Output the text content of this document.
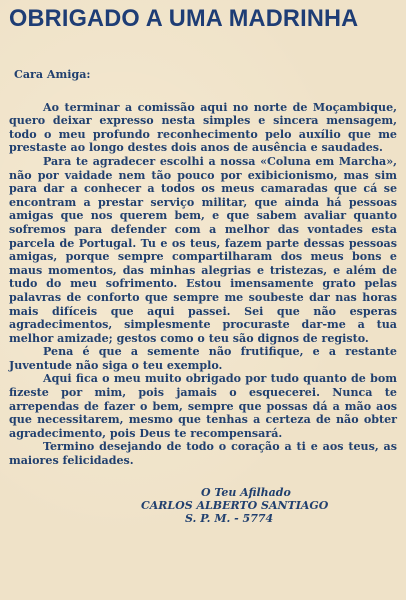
OBRIGADO A UMA MADRINHA
Cara Amiga:

Ao terminar a comissão aqui no norte de Moçambique, quero deixar expresso nesta simples e sincera mensagem, todo o meu profundo reconhecimento pelo auxílio que me prestaste ao longo destes dois anos de ausência e saudades.

Para te agradecer escolhi a nossa «Coluna em Marcha», não por vaidade nem tão pouco por exibicionismo, mas sim para dar a conhecer a todos os meus camaradas que cá se encontram a prestar serviço militar, que ainda há pessoas amigas que nos querem bem, e que sabem avaliar quanto sofremos para defender com a melhor das vontades esta parcela de Portugal. Tu e os teus, fazem parte dessas pessoas amigas, porque sempre compartilharam dos meus bons e maus momentos, das minhas alegrias e tristezas, e além de tudo do meu sofrimento. Estou imensamente grato pelas palavras de conforto que sempre me soubeste dar nas horas mais difíceis que aqui passei. Sei que não esperas agradecimentos, simplesmente procuraste dar-me a tua melhor amizade; gestos como o teu são dignos de registo.

Pena é que a semente não frutifique, e a restante Juventude não siga o teu exemplo.

Aqui fica o meu muito obrigado por tudo quanto de bom fizeste por mim, pois jamais o esquecerei. Nunca te arrependas de fazer o bem, sempre que possas dá a mão aos que necessitarem, mesmo que tenhas a certeza de não obter agradecimento, pois Deus te recompensará.

Termino desejando de todo o coração a ti e aos teus, as maiores felicidades.

O Teu Afilhado
CARLOS ALBERTO SANTIAGO
S. P. M. - 5774
